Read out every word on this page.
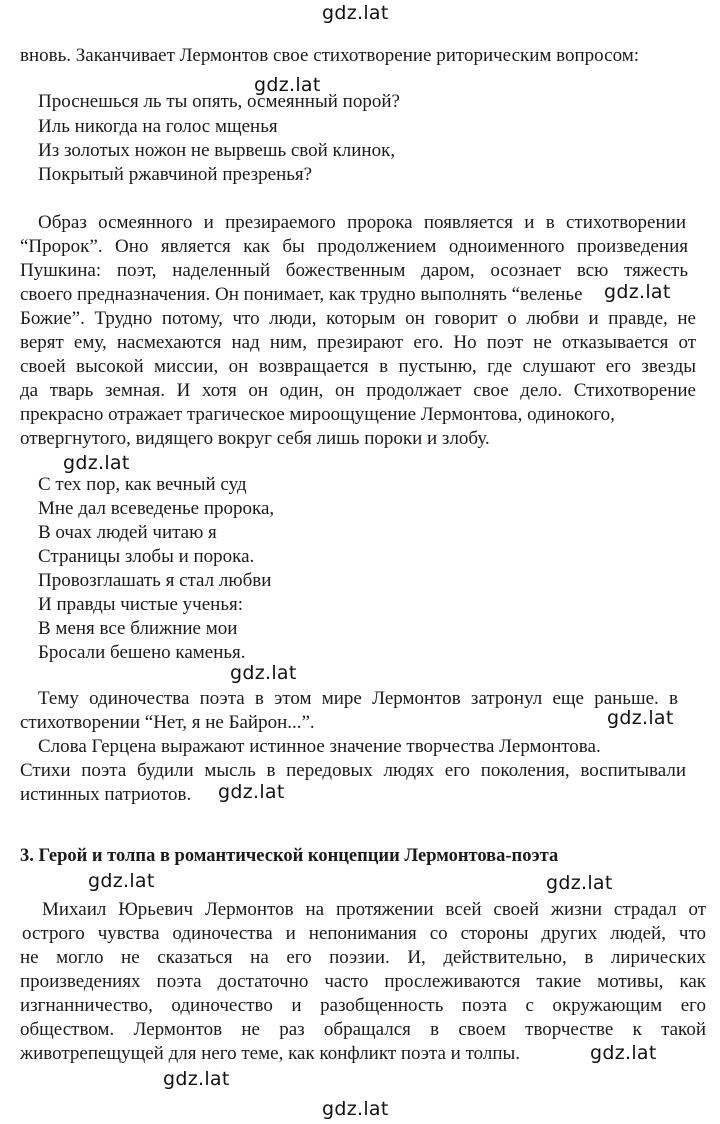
gdz.lat
gdz.lat
gdz.lat
gdz.lat
gdz.lat
gdz.lat
gdz.lat
gdz.lat	gdz.lat
gdz.lat
gdz.lat
gdz.lat
вновь. Заканчивает Лермонтов свое стихотворение риторическим вопросом:
Проснешься ль ты опять, осмеянный порой?
Иль никогда на голос мщенья
Из золотых ножон не вырвешь свой клинок,
Покрытый ржавчиной презренья?
Образ осмеянного и презираемого пророка появляется и в стихотворении
“Пророк”. Оно является как бы продолжением одноименного произведения
Пушкина: поэт, наделенный божественным даром, осознает всю тяжесть
своего предназначения. Он понимает, как трудно выполнять “веленье
Божие”. Трудно потому, что люди, которым он говорит о любви и правде, не
верят ему, насмехаются над ним, презирают его. Но поэт не отказывается от
своей высокой миссии, он возвращается в пустыню, где слушают его звезды
да тварь земная. И хотя он один, он продолжает свое дело. Стихотворение
прекрасно отражает трагическое мироощущение Лермонтова, одинокого,
отвергнутого, видящего вокруг себя лишь пороки и злобу.
С тех пор, как вечный суд
Мне дал всеведенье пророка,
В очах людей читаю я
Страницы злобы и порока.
Провозглашать я стал любви
И правды чистые ученья:
В меня все ближние мои
Бросали бешено каменья.
Тему одиночества поэта в этом мире Лермонтов затронул еще раньше. в
стихотворении “Нет, я не Байрон...”.
Слова Герцена выражают истинное значение творчества Лермонтова.
Стихи поэта будили мысль в передовых людях его поколения, воспитывали
истинных патриотов.
3. Герой и толпа в романтической концепции Лермонтова-поэта
Михаил Юрьевич Лермонтов на протяжении всей своей жизни страдал от
острого чувства одиночества и непонимания со стороны других людей, что
не могло не сказаться на его поэзии. И, действительно, в лирических
произведениях поэта достаточно часто прослеживаются такие мотивы, как
изгнанничество, одиночество и разобщенность поэта с окружающим его
обществом. Лермонтов не раз обращался в своем творчестве к такой
животрепещущей для него теме, как конфликт поэта и толпы.
